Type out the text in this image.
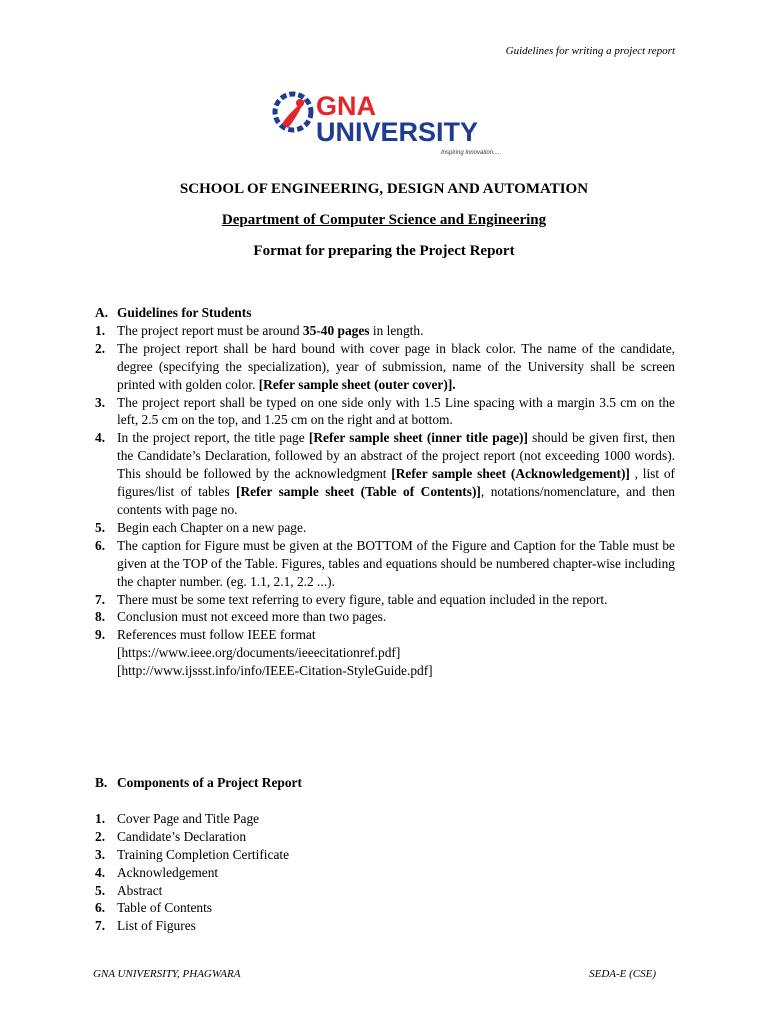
Guidelines for writing a project report
GNA
UNIVERSITY
Inspiring Innovation.....
SCHOOL OF ENGINEERING, DESIGN AND AUTOMATION
Department of Computer Science and Engineering
Format for preparing the Project Report
A. Guidelines for Students
1. The project report must be around 35-40 pages in length.
2. The project report shall be hard bound with cover page in black color. The name of the candidate, degree (specifying the specialization), year of submission, name of the University shall be screen printed with golden color. [Refer sample sheet (outer cover)].
3. The project report shall be typed on one side only with 1.5 Line spacing with a margin 3.5 cm on the left, 2.5 cm on the top, and 1.25 cm on the right and at bottom.
4. In the project report, the title page [Refer sample sheet (inner title page)] should be given first, then the Candidate’s Declaration, followed by an abstract of the project report (not exceeding 1000 words). This should be followed by the acknowledgment [Refer sample sheet (Acknowledgement)] , list of figures/list of tables [Refer sample sheet (Table of Contents)], notations/nomenclature, and then contents with page no.
5. Begin each Chapter on a new page.
6. The caption for Figure must be given at the BOTTOM of the Figure and Caption for the Table must be given at the TOP of the Table. Figures, tables and equations should be numbered chapter-wise including the chapter number. (eg. 1.1, 2.1, 2.2 ...).
7. There must be some text referring to every figure, table and equation included in the report.
8. Conclusion must not exceed more than two pages.
9. References must follow IEEE format
[https://www.ieee.org/documents/ieeecitationref.pdf]
[http://www.ijssst.info/info/IEEE-Citation-StyleGuide.pdf]
B. Components of a Project Report
1. Cover Page and Title Page
2. Candidate’s Declaration
3. Training Completion Certificate
4. Acknowledgement
5. Abstract
6. Table of Contents
7. List of Figures
GNA UNIVERSITY, PHAGWARA	SEDA-E (CSE)
